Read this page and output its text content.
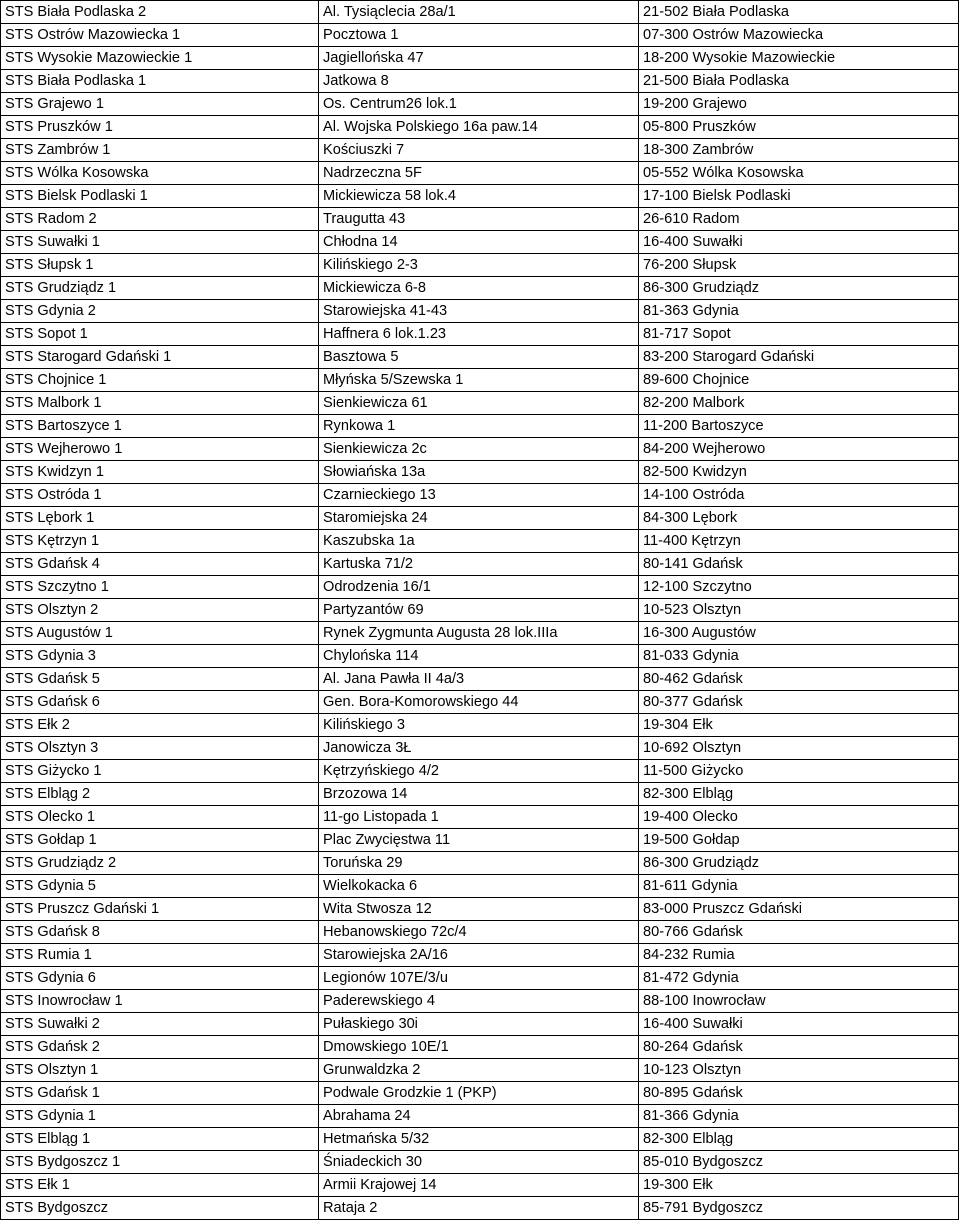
STS Biała Podlaska 2	Al. Tysiąclecia 28a/1	21-502 Biała Podlaska
STS Ostrów Mazowiecka 1	Pocztowa 1	07-300 Ostrów Mazowiecka
STS Wysokie Mazowieckie 1	Jagiellońska 47	18-200 Wysokie Mazowieckie
STS Biała Podlaska 1	Jatkowa 8	21-500 Biała Podlaska
STS Grajewo 1	Os. Centrum26 lok.1	19-200 Grajewo
STS Pruszków 1	Al. Wojska Polskiego 16a paw.14	05-800 Pruszków
STS Zambrów 1	Kościuszki 7	18-300 Zambrów
STS Wólka Kosowska	Nadrzeczna 5F	05-552 Wólka Kosowska
STS Bielsk Podlaski 1	Mickiewicza 58 lok.4	17-100 Bielsk Podlaski
STS Radom 2	Traugutta 43	26-610 Radom
STS Suwałki 1	Chłodna 14	16-400 Suwałki
STS Słupsk 1	Kilińskiego 2-3	76-200 Słupsk
STS Grudziądz 1	Mickiewicza 6-8	86-300 Grudziądz
STS Gdynia 2	Starowiejska 41-43	81-363 Gdynia
STS Sopot 1	Haffnera 6 lok.1.23	81-717 Sopot
STS Starogard Gdański 1	Basztowa 5	83-200 Starogard Gdański
STS Chojnice 1	Młyńska 5/Szewska 1	89-600 Chojnice
STS Malbork 1	Sienkiewicza 61	82-200 Malbork
STS Bartoszyce 1	Rynkowa 1	11-200 Bartoszyce
STS Wejherowo 1	Sienkiewicza 2c	84-200 Wejherowo
STS Kwidzyn 1	Słowiańska 13a	82-500 Kwidzyn
STS Ostróda 1	Czarnieckiego 13	14-100 Ostróda
STS Lębork 1	Staromiejska 24	84-300 Lębork
STS Kętrzyn 1	Kaszubska 1a	11-400 Kętrzyn
STS Gdańsk 4	Kartuska 71/2	80-141 Gdańsk
STS Szczytno 1	Odrodzenia 16/1	12-100 Szczytno
STS Olsztyn 2	Partyzantów 69	10-523 Olsztyn
STS Augustów 1	Rynek Zygmunta Augusta 28 lok.IIIa	16-300 Augustów
STS Gdynia 3	Chylońska 114	81-033 Gdynia
STS Gdańsk 5	Al. Jana Pawła II 4a/3	80-462 Gdańsk
STS Gdańsk 6	Gen. Bora-Komorowskiego 44	80-377 Gdańsk
STS Ełk 2	Kilińskiego 3	19-304 Ełk
STS Olsztyn 3	Janowicza 3Ł	10-692 Olsztyn
STS Giżycko 1	Kętrzyńskiego 4/2	11-500 Giżycko
STS Elbląg 2	Brzozowa 14	82-300 Elbląg
STS Olecko 1	11-go Listopada 1	19-400 Olecko
STS Gołdap 1	Plac Zwycięstwa 11	19-500 Gołdap
STS Grudziądz 2	Toruńska 29	86-300 Grudziądz
STS Gdynia 5	Wielkokacka 6	81-611 Gdynia
STS Pruszcz Gdański 1	Wita Stwosza 12	83-000 Pruszcz Gdański
STS Gdańsk 8	Hebanowskiego 72c/4	80-766 Gdańsk
STS Rumia 1	Starowiejska 2A/16	84-232 Rumia
STS Gdynia 6	Legionów 107E/3/u	81-472 Gdynia
STS Inowrocław 1	Paderewskiego 4	88-100 Inowrocław
STS Suwałki 2	Pułaskiego 30i	16-400 Suwałki
STS Gdańsk 2	Dmowskiego 10E/1	80-264 Gdańsk
STS Olsztyn 1	Grunwaldzka 2	10-123 Olsztyn
STS Gdańsk 1	Podwale Grodzkie 1 (PKP)	80-895 Gdańsk
STS Gdynia 1	Abrahama 24	81-366 Gdynia
STS Elbląg 1	Hetmańska 5/32	82-300 Elbląg
STS Bydgoszcz 1	Śniadeckich 30	85-010 Bydgoszcz
STS Ełk 1	Armii Krajowej 14	19-300 Ełk
STS Bydgoszcz	Rataja 2	85-791 Bydgoszcz
